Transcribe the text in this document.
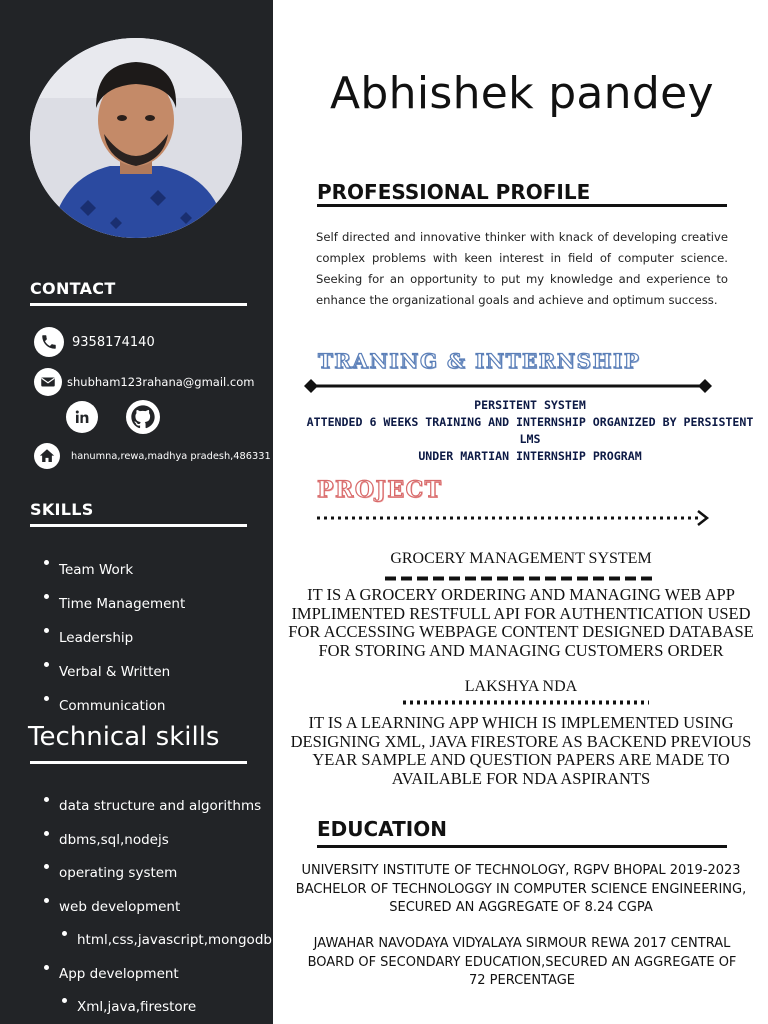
CONTACT
9358174140
shubham123rahana@gmail.com
hanumna,rewa,madhya pradesh,486331
SKILLS
Team Work
Time Management
Leadership
Verbal & Written
Communication
Technical skills
data structure and algorithms
dbms,sql,nodejs
operating system
web development
html,css,javascript,mongodb
App development
Xml,java,firestore
Abhishek pandey
PROFESSIONAL PROFILE

Self directed and innovative thinker with knack of developing creative complex problems with keen interest in field of computer science. Seeking for an opportunity to put my knowledge and experience to enhance the organizational goals and achieve and optimum success.

TRANING & INTERNSHIP
PERSITENT SYSTEM
ATTENDED 6 WEEKS TRAINING AND INTERNSHIP ORGANIZED BY PERSISTENT LMS
UNDER MARTIAN INTERNSHIP PROGRAM
PROJECT
GROCERY MANAGEMENT SYSTEM
IT IS A GROCERY ORDERING AND MANAGING WEB APP IMPLIMENTED RESTFULL API FOR AUTHENTICATION USED FOR ACCESSING WEBPAGE CONTENT DESIGNED DATABASE FOR STORING AND MANAGING CUSTOMERS ORDER
LAKSHYA NDA
IT IS A LEARNING APP WHICH IS IMPLEMENTED USING DESIGNING XML, JAVA FIRESTORE AS BACKEND PREVIOUS YEAR SAMPLE AND QUESTION PAPERS ARE MADE TO AVAILABLE FOR NDA ASPIRANTS
EDUCATION
UNIVERSITY INSTITUTE OF TECHNOLOGY, RGPV BHOPAL 2019-2023 BACHELOR OF TECHNOLOGGY IN COMPUTER SCIENCE ENGINEERING, SECURED AN AGGREGATE OF 8.24 CGPA
JAWAHAR NAVODAYA VIDYALAYA SIRMOUR REWA 2017 CENTRAL BOARD OF SECONDARY EDUCATION,SECURED AN AGGREGATE OF 72 PERCENTAGE
